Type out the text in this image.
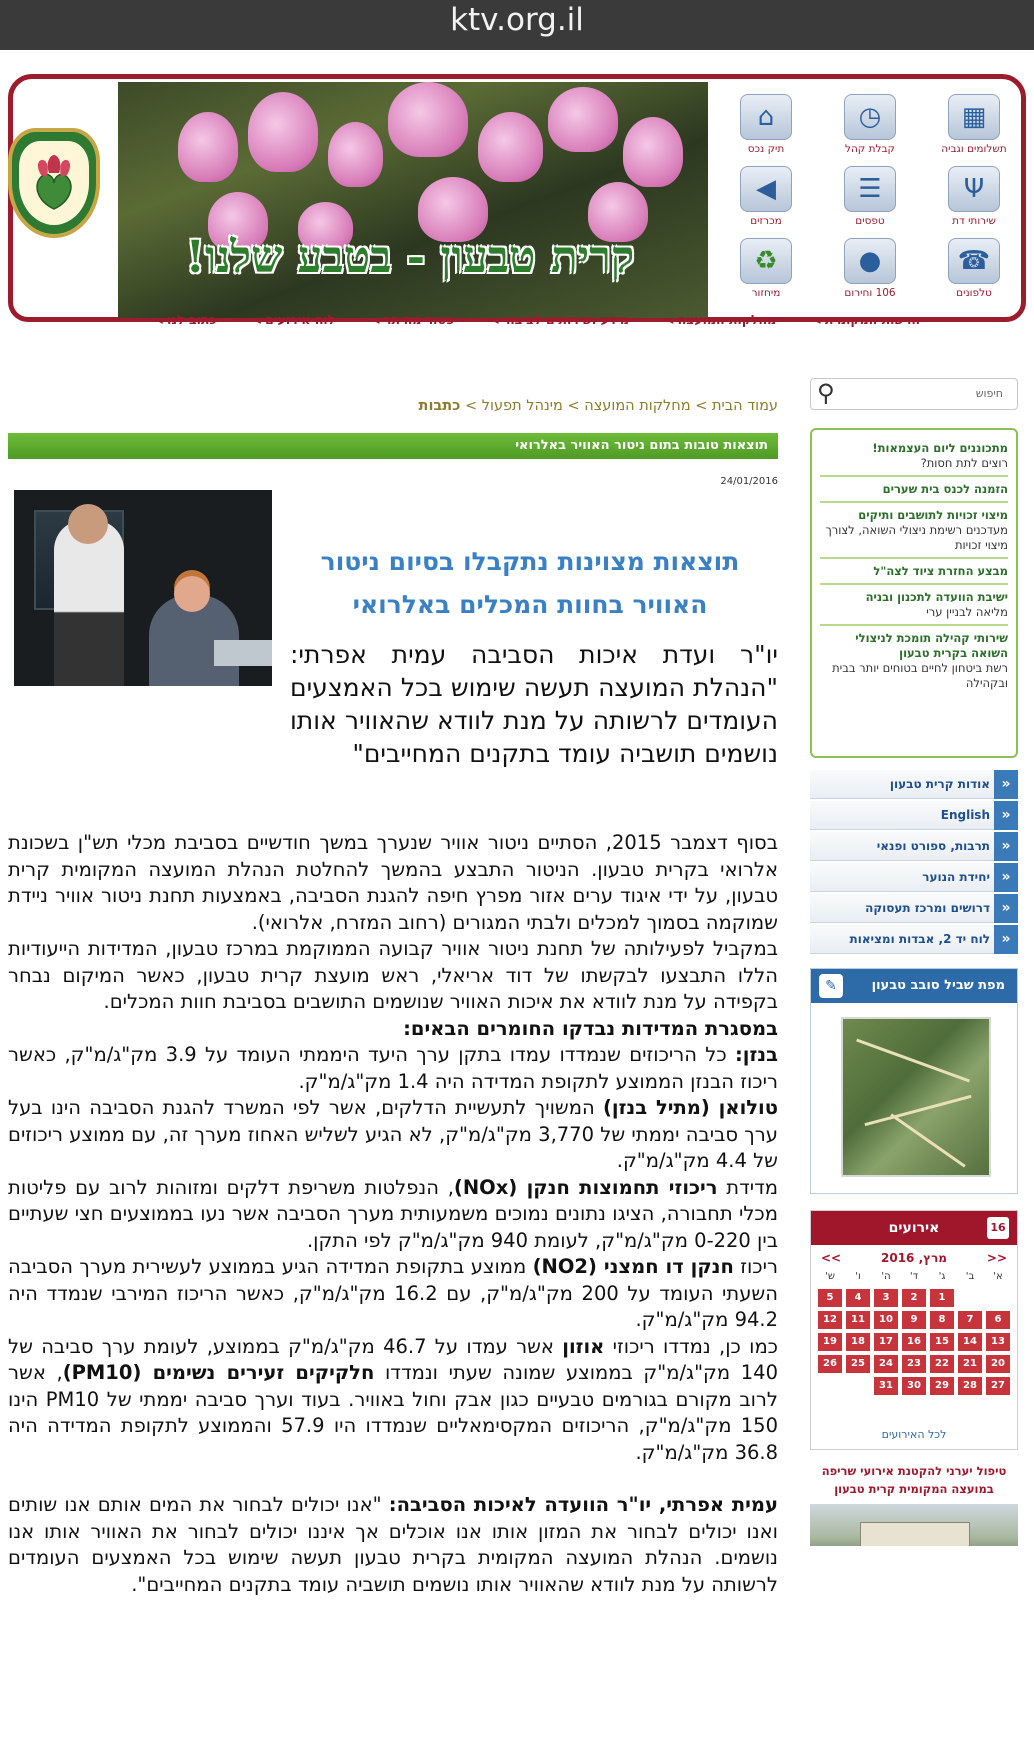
ktv.org.il
קרית טבעון - בטבע שלנו!
▦
תשלומים וגביה
◷
קבלת קהל
⌂
תיק נכס
Ψ
שירותי דת
☰
טפסים
◀
מכרזים
☎
טלפונים
●
106 וחירום
♻
מיחזור
הרשות המקומית ◂
מחלקות המועצה ◂
מידע ושירותים לציבור ◂
פטור מהיתר ◂
לוח אירועים ◂
כתוב לנו ◂
חיפוש
⚲
מתכוננים ליום העצמאות!
רוצים לתת חסות?
הזמנה לכנס בית שערים
מיצוי זכויות לתושבים ותיקים
מעדכנים רשימת ניצולי השואה, לצורך מיצוי זכויות
מבצע החזרת ציוד לצה"ל
ישיבת הוועדה לתכנון ובניה
מליאה לבניין ערי
שירותי קהילה תומכת לניצולי השואה בקרית טבעון
רשת ביטחון לחיים בטוחים יותר בבית ובקהילה
« אודות קרית טבעון
« English
« תרבות, ספורט ופנאי
« יחידת הנוער
« דרושים ומרכז תעסוקה
« לוח יד 2, אבדות ומציאות
מפת שביל סובב טבעון
✎
אירועים	16
<<
מרץ, 2016
>>
א'
ב'
ג'
ד'
ה'
ו'
ש'
1
2
3
4
5
6
7
8
9
10
11
12
13
14
15
16
17
18
19
20
21
22
23
24
25
26
27
28
29
30
31
לכל האירועים
טיפול יערני להקטנת אירועי שריפה במועצה המקומית קרית טבעון
עמוד הבית > מחלקות המועצה > מינהל תפעול > כתבות
תוצאות טובות בתום ניטור האוויר באלרואי
24/01/2016
תוצאות מצוינות נתקבלו בסיום ניטור האוויר בחוות המכלים באלרואי
יו"ר ועדת איכות הסביבה עמית אפרתי: "הנהלת המועצה תעשה שימוש בכל האמצעים העומדים לרשותה על מנת לוודא שהאוויר אותו נושמים תושביה עומד בתקנים המחייבים"

בסוף דצמבר 2015, הסתיים ניטור אוויר שנערך במשך חודשיים בסביבת מכלי תש"ן בשכונת אלרואי בקרית טבעון. הניטור התבצע בהמשך להחלטת הנהלת המועצה המקומית קרית טבעון, על ידי איגוד ערים אזור מפרץ חיפה להגנת הסביבה, באמצעות תחנת ניטור אוויר ניידת שמוקמה בסמוך למכלים ולבתי המגורים (רחוב המזרח, אלרואי).

במקביל לפעילותה של תחנת ניטור אוויר קבועה הממוקמת במרכז טבעון, המדידות הייעודיות הללו התבצעו לבקשתו של דוד אריאלי, ראש מועצת קרית טבעון, כאשר המיקום נבחר בקפידה על מנת לוודא את איכות האוויר שנושמים התושבים בסביבת חוות המכלים.

במסגרת המדידות נבדקו החומרים הבאים:

בנזן: כל הריכוזים שנמדדו עמדו בתקן ערך היעד היממתי העומד על 3.9 מק"ג/מ"ק, כאשר ריכוז הבנזן הממוצע לתקופת המדידה היה 1.4 מק"ג/מ"ק.

טולואן (מתיל בנזן) המשויך לתעשיית הדלקים, אשר לפי המשרד להגנת הסביבה הינו בעל ערך סביבה יממתי של 3,770 מק"ג/מ"ק, לא הגיע לשליש האחוז מערך זה, עם ממוצע ריכוזים של 4.4 מק"ג/מ"ק.

מדידת ריכוזי תחמוצות חנקן (NOx), הנפלטות משריפת דלקים ומזוהות לרוב עם פליטות מכלי תחבורה, הציגו נתונים נמוכים משמעותית מערך הסביבה אשר נעו בממוצעים חצי שעתיים בין 0-220 מק"ג/מ"ק, לעומת 940 מק"ג/מ"ק לפי התקן.

ריכוז חנקן דו חמצני (NO2) ממוצע בתקופת המדידה הגיע בממוצע לעשירית מערך הסביבה השעתי העומד על 200 מק"ג/מ"ק, עם 16.2 מק"ג/מ"ק, כאשר הריכוז המירבי שנמדד היה 94.2 מק"ג/מ"ק.

כמו כן, נמדדו ריכוזי אוזון אשר עמדו על 46.7 מק"ג/מ"ק בממוצע, לעומת ערך סביבה של 140 מק"ג/מ"ק בממוצע שמונה שעתי ונמדדו חלקיקים זעירים נשימים (PM10), אשר לרוב מקורם בגורמים טבעיים כגון אבק וחול באוויר. בעוד וערך סביבה יממתי של PM10 הינו 150 מק"ג/מ"ק, הריכוזים המקסימאליים שנמדדו היו 57.9 והממוצע לתקופת המדידה היה 36.8 מק"ג/מ"ק.

עמית אפרתי, יו"ר הוועדה לאיכות הסביבה: "אנו יכולים לבחור את המים אותם אנו שותים ואנו יכולים לבחור את המזון אותו אנו אוכלים אך איננו יכולים לבחור את האוויר אותו אנו נושמים. הנהלת המועצה המקומית בקרית טבעון תעשה שימוש בכל האמצעים העומדים לרשותה על מנת לוודא שהאוויר אותו נושמים תושביה עומד בתקנים המחייבים".
